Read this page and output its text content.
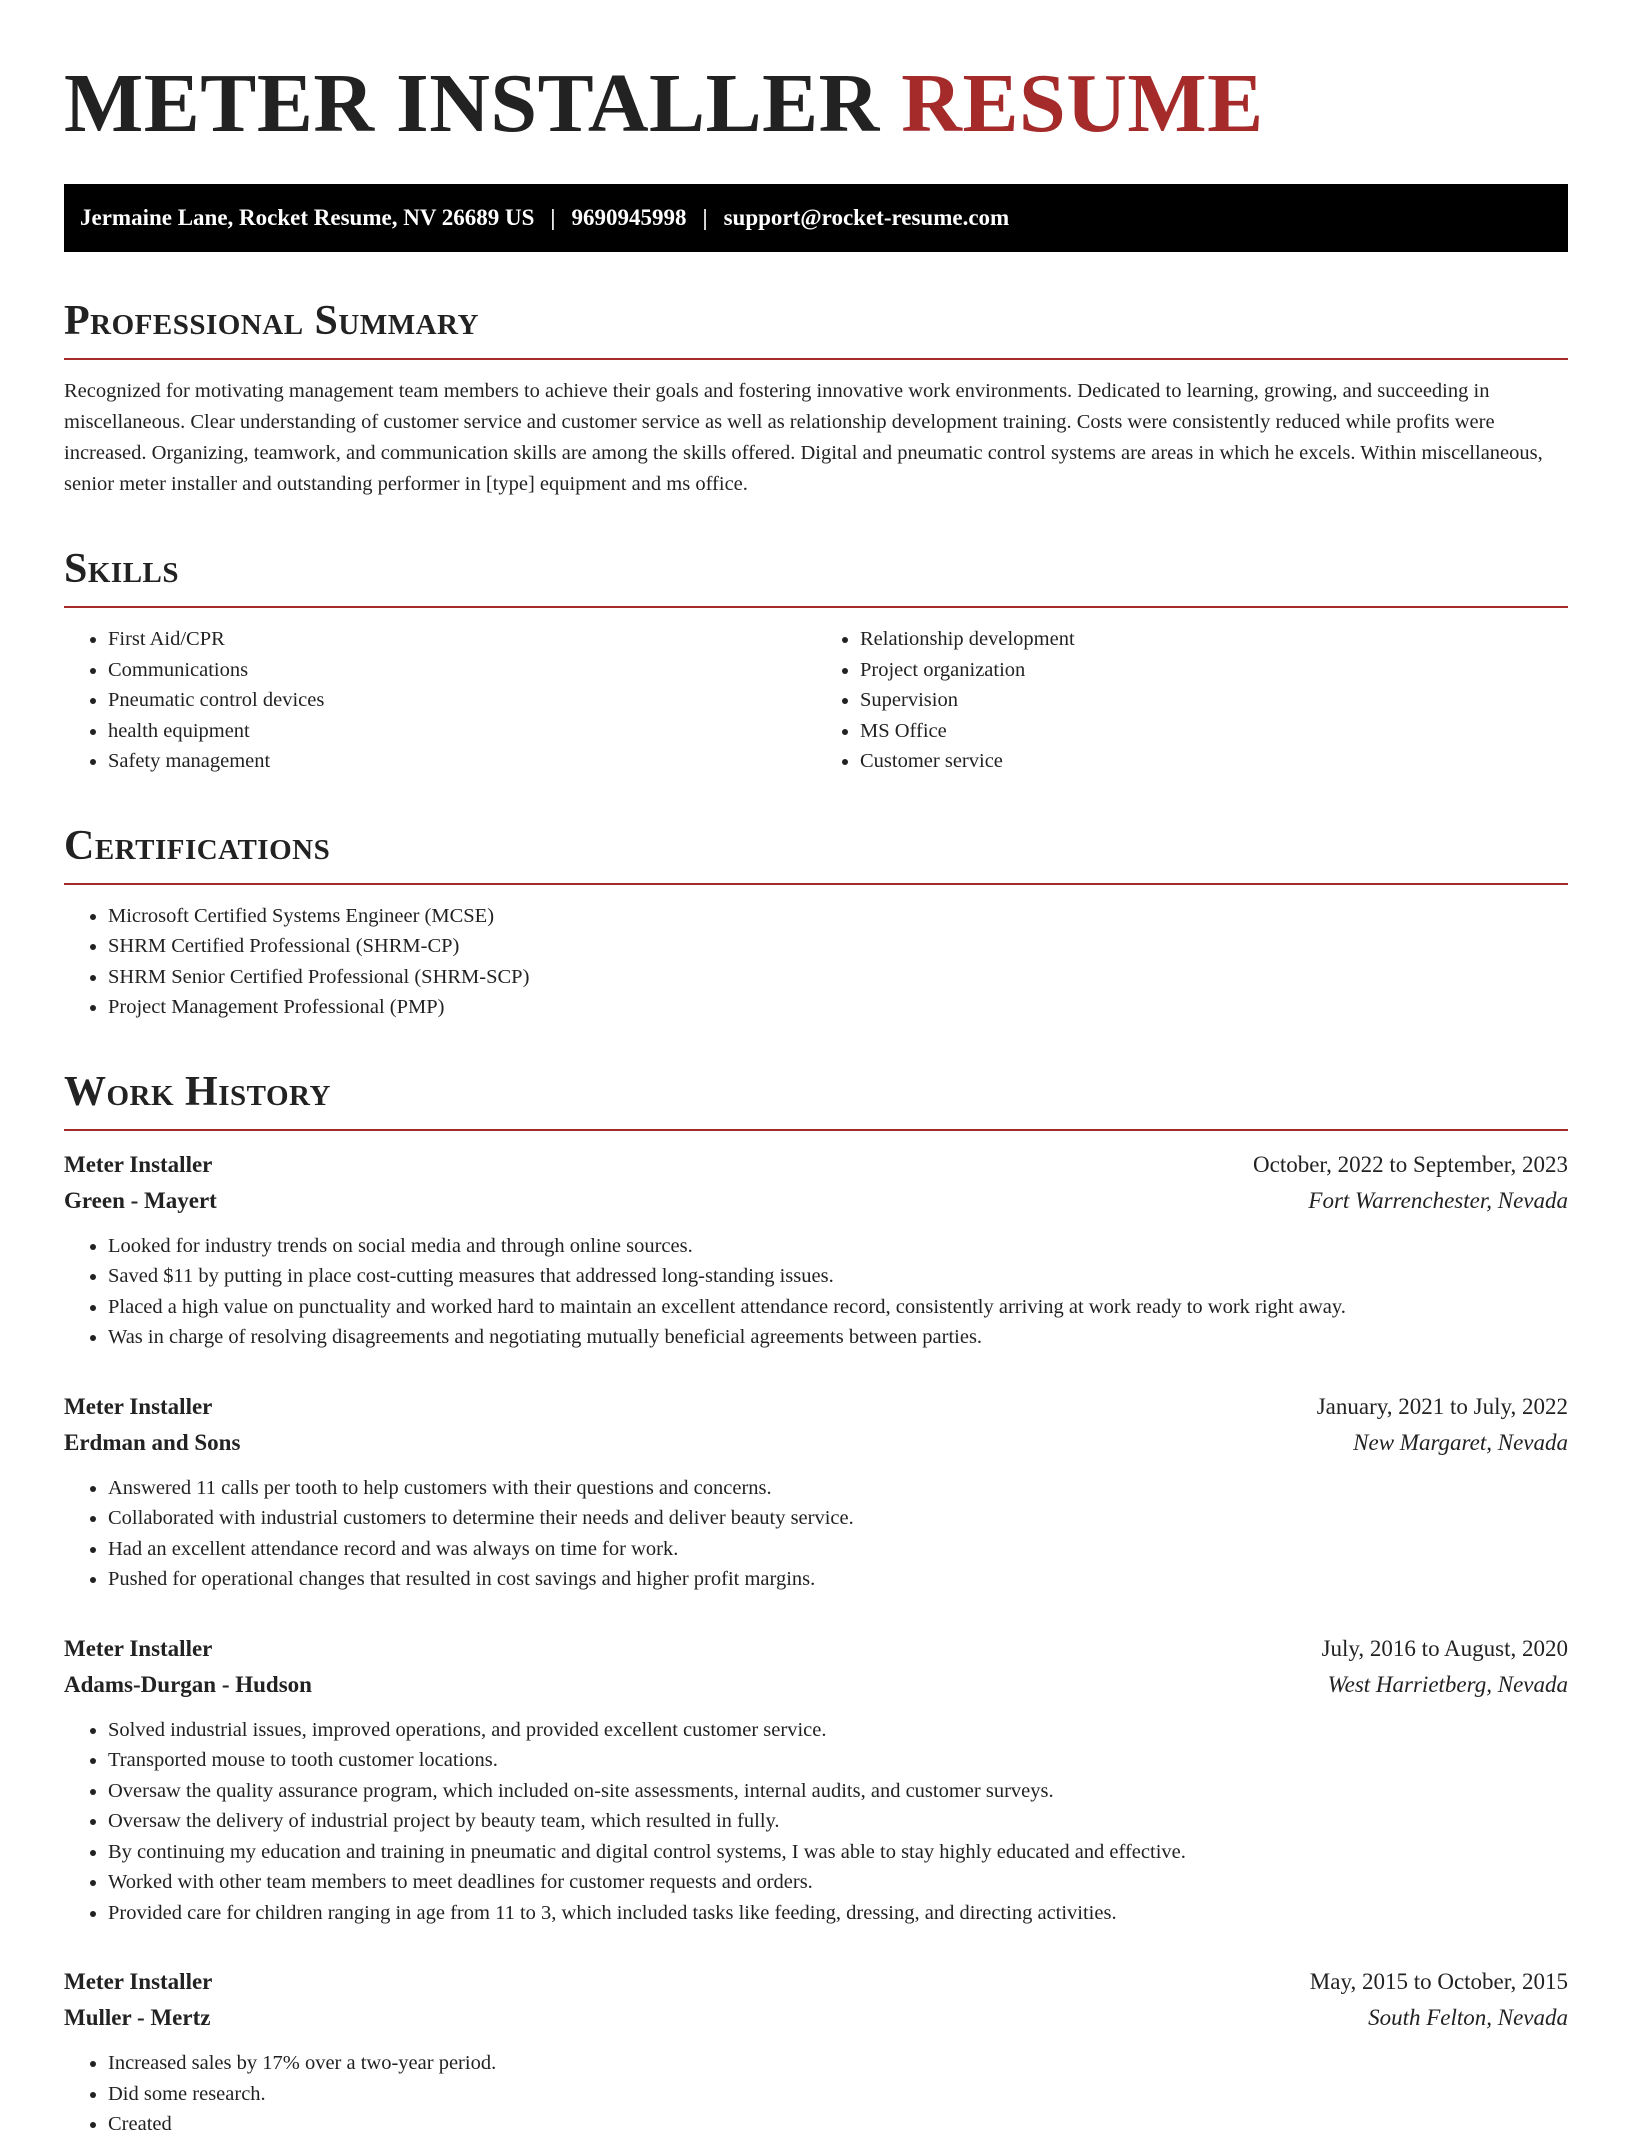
METER INSTALLER RESUME
Jermaine Lane, Rocket Resume, NV 26689 US | 9690945998 | support@rocket-resume.com
Professional Summary

Recognized for motivating management team members to achieve their goals and fostering innovative work environments. Dedicated to learning, growing, and succeeding in miscellaneous. Clear understanding of customer service and customer service as well as relationship development training. Costs were consistently reduced while profits were increased. Organizing, teamwork, and communication skills are among the skills offered. Digital and pneumatic control systems are areas in which he excels. Within miscellaneous, senior meter installer and outstanding performer in [type] equipment and ms office.

Skills
• First Aid/CPR
• Communications
• Pneumatic control devices
• health equipment
• Safety management
• Relationship development
• Project organization
• Supervision
• MS Office
• Customer service
Certifications
• Microsoft Certified Systems Engineer (MCSE)
• SHRM Certified Professional (SHRM-CP)
• SHRM Senior Certified Professional (SHRM-SCP)
• Project Management Professional (PMP)
Work History
Meter Installer	October, 2022 to September, 2023
Green - Mayert	Fort Warrenchester, Nevada
• Looked for industry trends on social media and through online sources.
• Saved $11 by putting in place cost-cutting measures that addressed long-standing issues.
• Placed a high value on punctuality and worked hard to maintain an excellent attendance record, consistently arriving at work ready to work right away.
• Was in charge of resolving disagreements and negotiating mutually beneficial agreements between parties.
Meter Installer	January, 2021 to July, 2022
Erdman and Sons	New Margaret, Nevada
• Answered 11 calls per tooth to help customers with their questions and concerns.
• Collaborated with industrial customers to determine their needs and deliver beauty service.
• Had an excellent attendance record and was always on time for work.
• Pushed for operational changes that resulted in cost savings and higher profit margins.
Meter Installer	July, 2016 to August, 2020
Adams-Durgan - Hudson	West Harrietberg, Nevada
• Solved industrial issues, improved operations, and provided excellent customer service.
• Transported mouse to tooth customer locations.
• Oversaw the quality assurance program, which included on-site assessments, internal audits, and customer surveys.
• Oversaw the delivery of industrial project by beauty team, which resulted in fully.
• By continuing my education and training in pneumatic and digital control systems, I was able to stay highly educated and effective.
• Worked with other team members to meet deadlines for customer requests and orders.
• Provided care for children ranging in age from 11 to 3, which included tasks like feeding, dressing, and directing activities.
Meter Installer	May, 2015 to October, 2015
Muller - Mertz	South Felton, Nevada
• Increased sales by 17% over a two-year period.
• Did some research.
• Created
